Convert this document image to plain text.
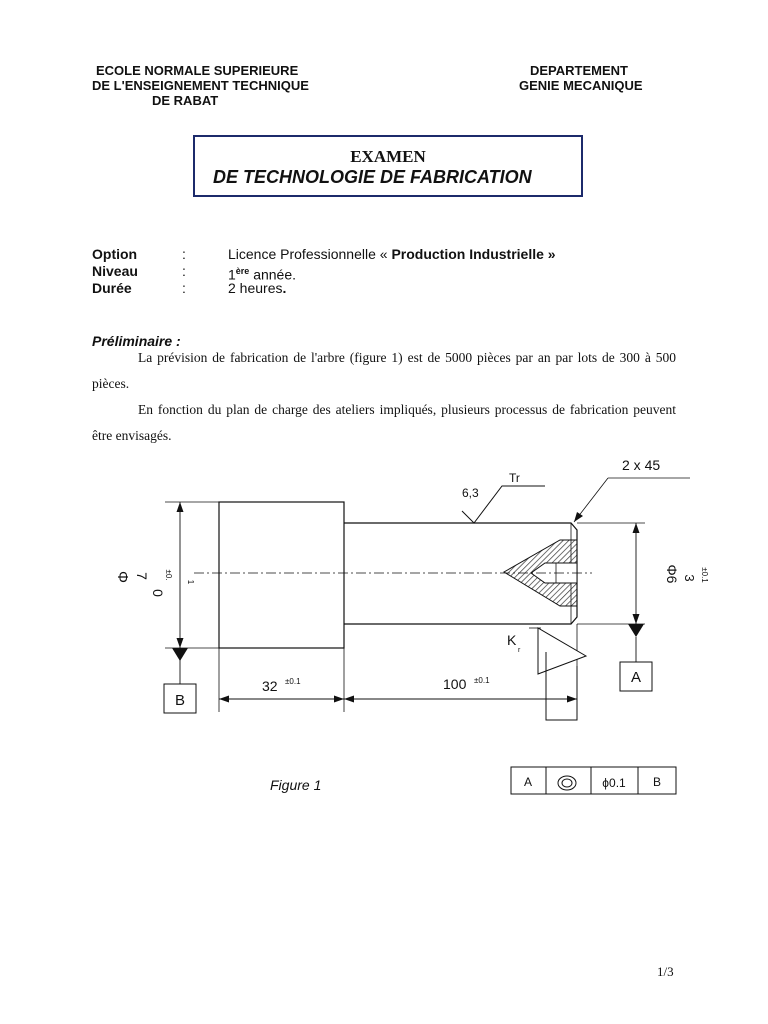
ECOLE NORMALE SUPERIEURE
DE L'ENSEIGNEMENT TECHNIQUE
DE RABAT
DEPARTEMENT
GENIE MECANIQUE
EXAMEN
DE TECHNOLOGIE DE FABRICATION
Option	:	Licence Professionnelle « Production Industrielle »
Niveau	:	1ère année.
Durée	:	2 heures.
Préliminaire :
La prévision de fabrication de l'arbre (figure 1) est de 5000 pièces par an par lots de 300 à 500 pièces.
En fonction du plan de charge des ateliers impliqués, plusieurs processus de fabrication peuvent être envisagés.
2 x 45
6,3
Tr
Φ 7
0
±0.
1	Φ6 3 ±0.1
K
r
B
A
32 ±0.1	100 ±0.1
A	ϕ0.1 B
Figure 1
1/3
